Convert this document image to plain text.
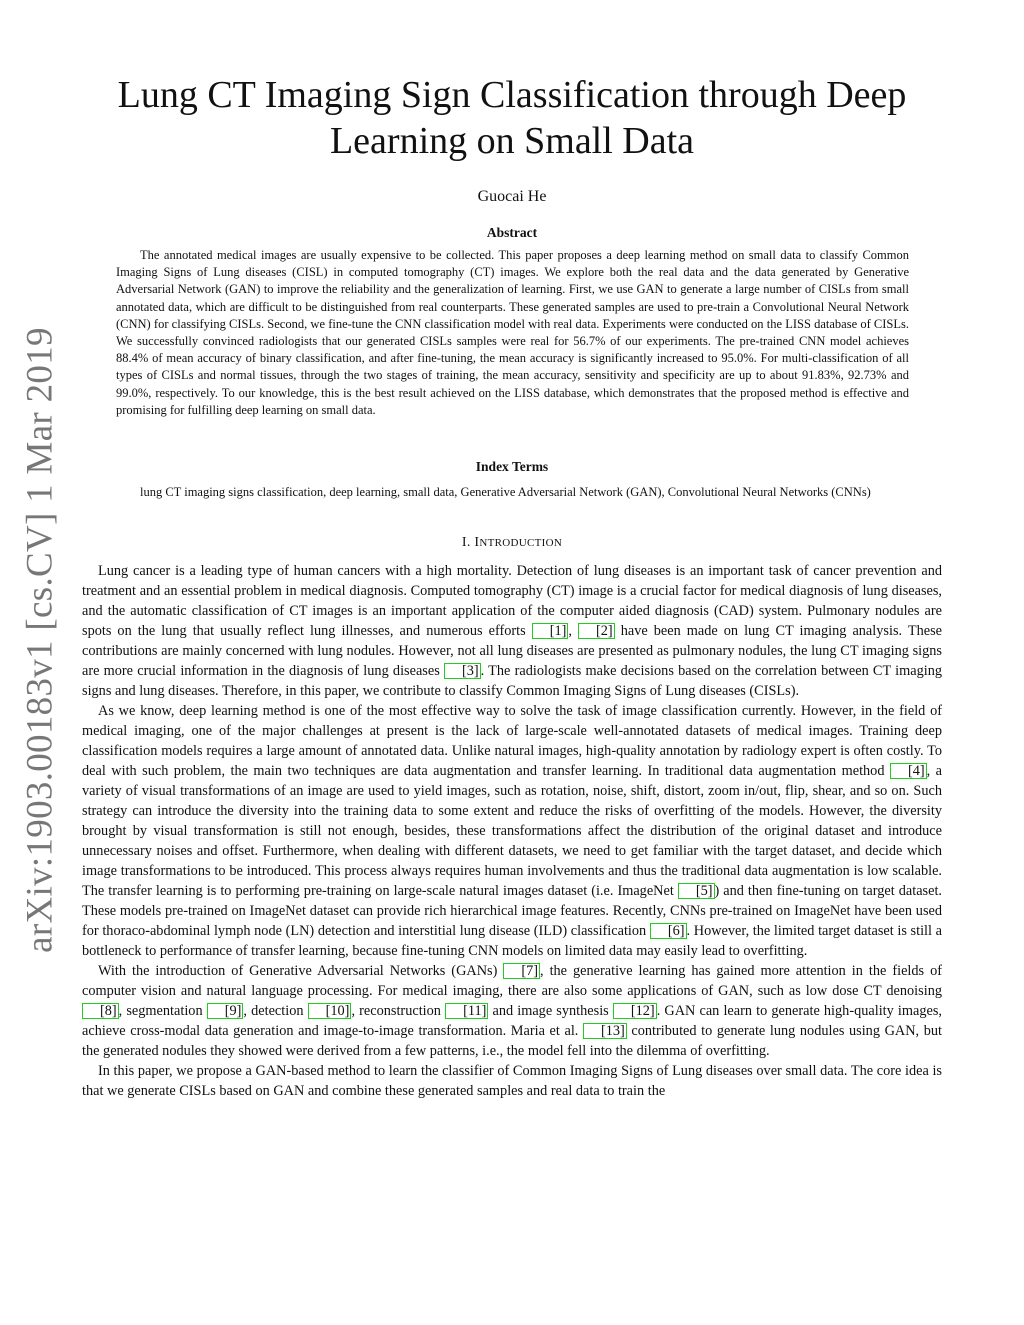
arXiv:1903.00183v1 [cs.CV] 1 Mar 2019
Lung CT Imaging Sign Classification through Deep
Learning on Small Data
Guocai He
Abstract

The annotated medical images are usually expensive to be collected. This paper proposes a deep learning method on small data to classify Common Imaging Signs of Lung diseases (CISL) in computed tomography (CT) images. We explore both the real data and the data generated by Generative Adversarial Network (GAN) to improve the reliability and the generalization of learning. First, we use GAN to generate a large number of CISLs from small annotated data, which are difficult to be distinguished from real counterparts. These generated samples are used to pre-train a Convolutional Neural Network (CNN) for classifying CISLs. Second, we fine-tune the CNN classification model with real data. Experiments were conducted on the LISS database of CISLs. We successfully convinced radiologists that our generated CISLs samples were real for 56.7% of our experiments. The pre-trained CNN model achieves 88.4% of mean accuracy of binary classification, and after fine-tuning, the mean accuracy is significantly increased to 95.0%. For multi-classification of all types of CISLs and normal tissues, through the two stages of training, the mean accuracy, sensitivity and specificity are up to about 91.83%, 92.73% and 99.0%, respectively. To our knowledge, this is the best result achieved on the LISS database, which demonstrates that the proposed method is effective and promising for fulfilling deep learning on small data.

Index Terms

lung CT imaging signs classification, deep learning, small data, Generative Adversarial Network (GAN), Convolutional Neural Networks (CNNs)

I. INTRODUCTION

Lung cancer is a leading type of human cancers with a high mortality. Detection of lung diseases is an important task of cancer prevention and treatment and an essential problem in medical diagnosis. Computed tomography (CT) image is a crucial factor for medical diagnosis of lung diseases, and the automatic classification of CT images is an important application of the computer aided diagnosis (CAD) system. Pulmonary nodules are spots on the lung that usually reflect lung illnesses, and numerous efforts [1] , [2] have been made on lung CT imaging analysis. These contributions are mainly concerned with lung nodules. However, not all lung diseases are presented as pulmonary nodules, the lung CT imaging signs are more crucial information in the diagnosis of lung diseases [3] . The radiologists make decisions based on the correlation between CT imaging signs and lung diseases. Therefore, in this paper, we contribute to classify Common Imaging Signs of Lung diseases (CISLs).

As we know, deep learning method is one of the most effective way to solve the task of image classification currently. However, in the field of medical imaging, one of the major challenges at present is the lack of large-scale well-annotated datasets of medical images. Training deep classification models requires a large amount of annotated data. Unlike natural images, high-quality annotation by radiology expert is often costly. To deal with such problem, the main two techniques are data augmentation and transfer learning. In traditional data augmentation method [4] , a variety of visual transformations of an image are used to yield images, such as rotation, noise, shift, distort, zoom in/out, flip, shear, and so on. Such strategy can introduce the diversity into the training data to some extent and reduce the risks of overfitting of the models. However, the diversity brought by visual transformation is still not enough, besides, these transformations affect the distribution of the original dataset and introduce unnecessary noises and offset. Furthermore, when dealing with different datasets, we need to get familiar with the target dataset, and decide which image transformations to be introduced. This process always requires human involvements and thus the traditional data augmentation is low scalable. The transfer learning is to performing pre-training on large-scale natural images dataset (i.e. ImageNet [5] ) and then fine-tuning on target dataset. These models pre-trained on ImageNet dataset can provide rich hierarchical image features. Recently, CNNs pre-trained on ImageNet have been used for thoraco-abdominal lymph node (LN) detection and interstitial lung disease (ILD) classification [6] . However, the limited target dataset is still a bottleneck to performance of transfer learning, because fine-tuning CNN models on limited data may easily lead to overfitting.

With the introduction of Generative Adversarial Networks (GANs) [7] , the generative learning has gained more attention in the fields of computer vision and natural language processing. For medical imaging, there are also some applications of GAN, such as low dose CT denoising [8] , segmentation [9] , detection [10] , reconstruction [11] and image synthesis [12] . GAN can learn to generate high-quality images, achieve cross-modal data generation and image-to-image transformation. Maria et al. [13] contributed to generate lung nodules using GAN, but the generated nodules they showed were derived from a few patterns, i.e., the model fell into the dilemma of overfitting.

In this paper, we propose a GAN-based method to learn the classifier of Common Imaging Signs of Lung diseases over small data. The core idea is that we generate CISLs based on GAN and combine these generated samples and real data to train the
